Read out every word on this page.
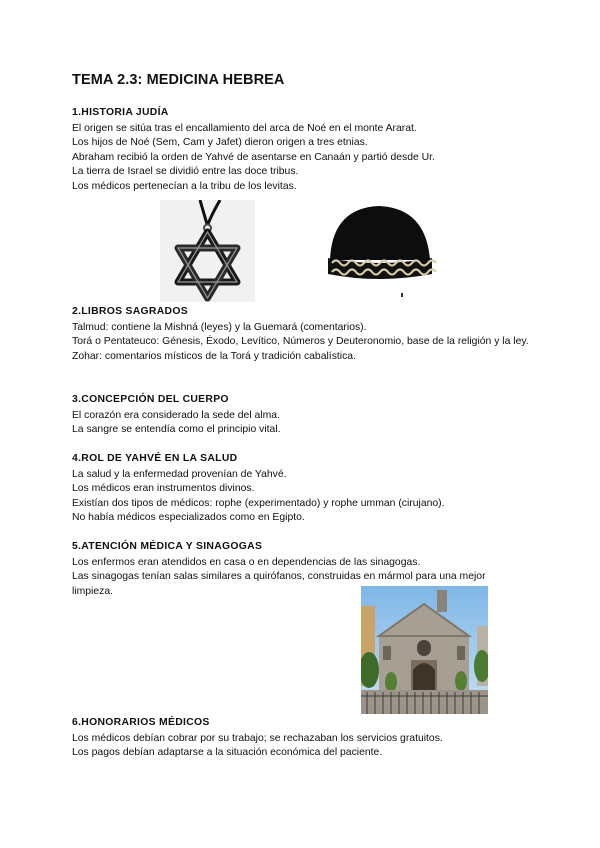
TEMA 2.3: MEDICINA HEBREA
1.HISTORIA JUDÍA

El origen se sitúa tras el encallamiento del arca de Noé en el monte Ararat.

Los hijos de Noé (Sem, Cam y Jafet) dieron origen a tres etnias.

Abraham recibió la orden de Yahvé de asentarse en Canaán y partió desde Ur.

La tierra de Israel se dividió entre las doce tribus.

Los médicos pertenecían a la tribu de los levitas.

2.LIBROS SAGRADOS

Talmud: contiene la Mishná (leyes) y la Guemará (comentarios).

Torá o Pentateuco: Génesis, Éxodo, Levítico, Números y Deuteronomio, base de la religión y la ley.

Zohar: comentarios místicos de la Torá y tradición cabalística.

3.CONCEPCIÓN DEL CUERPO

El corazón era considerado la sede del alma.

La sangre se entendía como el principio vital.

4.ROL DE YAHVÉ EN LA SALUD

La salud y la enfermedad provenían de Yahvé.

Los médicos eran instrumentos divinos.

Existían dos tipos de médicos: rophe (experimentado) y rophe umman (cirujano).

No había médicos especializados como en Egipto.

5.ATENCIÓN MÉDICA Y SINAGOGAS

Los enfermos eran atendidos en casa o en dependencias de las sinagogas.

Las sinagogas tenían salas similares a quirófanos, construidas en mármol para una mejor limpieza.

6.HONORARIOS MÉDICOS

Los médicos debían cobrar por su trabajo; se rechazaban los servicios gratuitos.

Los pagos debían adaptarse a la situación económica del paciente.
